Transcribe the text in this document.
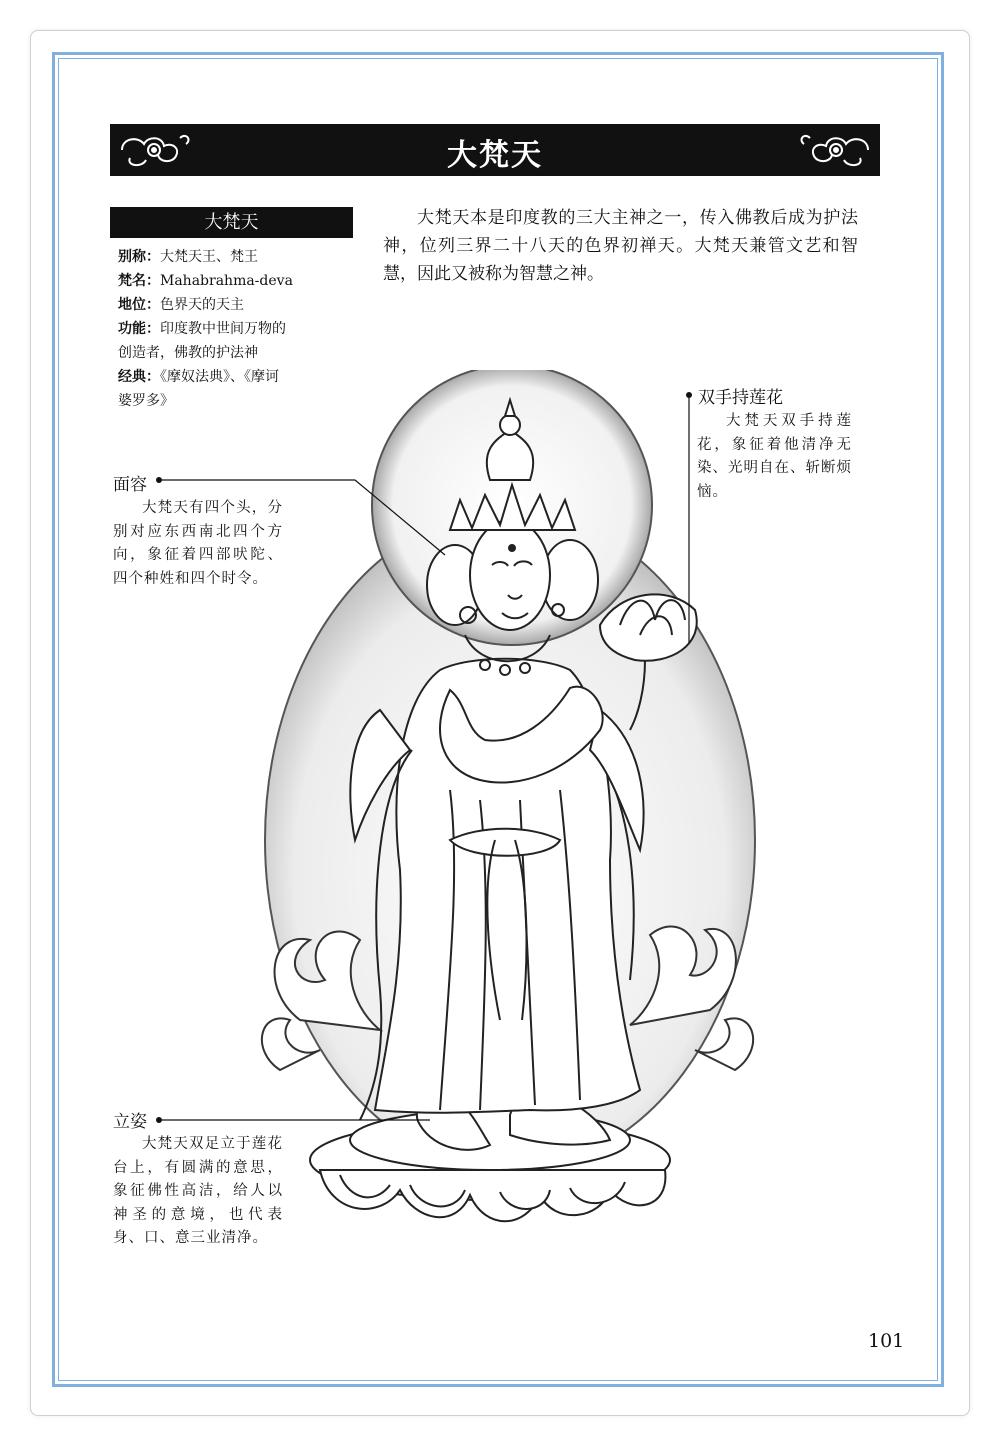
大梵天
大梵天
别称：大梵天王、梵王
梵名：Mahabrahma-deva
地位：色界天的天主
功能：印度教中世间万物的
创造者，佛教的护法神
经典：《摩奴法典》、《摩诃
婆罗多》

大梵天本是印度教的三大主神之一，传入佛教后成为护法神，位列三界二十八天的色界初禅天。大梵天兼管文艺和智慧，因此又被称为智慧之神。

面容

大梵天有四个头，分别对应东西南北四个方向，象征着四部吠陀、四个种姓和四个时令。

双手持莲花

大梵天双手持莲花，象征着他清净无染、光明自在、斩断烦恼。

立姿

大梵天双足立于莲花台上，有圆满的意思，象征佛性高洁，给人以神圣的意境，也代表身、口、意三业清净。

101
